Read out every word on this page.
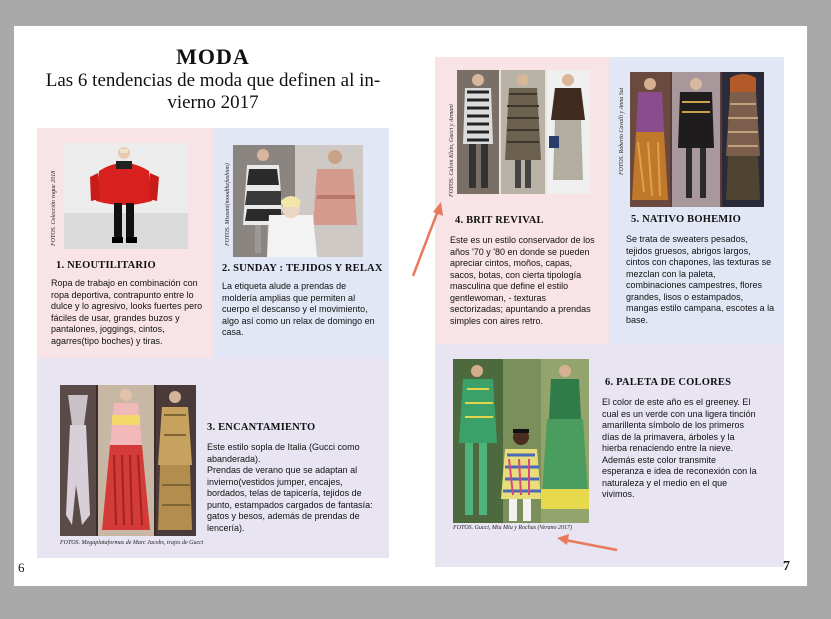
MODA
Las 6 tendencias de moda que definen al in- vierno 2017
FOTOS. Colección vogue 2018
1. NEOUTILITARIO
Ropa de trabajo en combinación con ropa deportiva, contrapunto entre lo dulce y lo agresivo, looks fuertes pero fáciles de usar, grandes buzos y pantalones, joggings, cintos, agarres(tipo boches) y tiras.
FOTOS. Missoni(moodthefashion)
2. SUNDAY : TEJIDOS Y RELAX
La etiqueta alude a prendas de moldería amplias que permiten al cuerpo el descanso y el movimiento, algo así como un relax de domingo en casa.
FOTOS. Megaplataformas de Marc Jacobs, trajes de Gucci
3. ENCANTAMIENTO

Este estilo sopla de Italia (Gucci como abanderada).

Prendas de verano que se adaptan al invierno(vestidos jumper, encajes, bordados, telas de tapicería, tejidos de punto, estampados cargados de fantasía: gatos y besos, además de prendas de lencería).

6
FOTOS. Calvin Klein, Gucci y Armani
4. BRIT REVIVAL
Este es un estilo conservador de los años '70 y '80 en donde se pueden apreciar cintos, moños, capas, sacos, botas, con cierta tipología masculina que define el estilo gentlewoman, - texturas sectorizadas; apuntando a prendas simples con aires retro.
FOTOS. Roberto Cavalli y Anna Sui
5. NATIVO BOHEMIO
Se trata de sweaters pesados, tejidos gruesos, abrigos largos, cintos con chapones, las texturas se mezclan con la paleta, combinaciones campestres, flores grandes, lisos o estampados, mangas estilo campana, escotes a la base.
FOTOS. Gucci, Miu Miu y Rochas (Verano 2017)
6. PALETA DE COLORES
El color de este año es el greeney. El cual es un verde con una ligera tinción amarillenta símbolo de los primeros días de la primavera, árboles y la hierba renaciendo entre la nieve. Además este color transmite esperanza e idea de reconexión con la naturaleza y el medio en el que vivimos.
7
